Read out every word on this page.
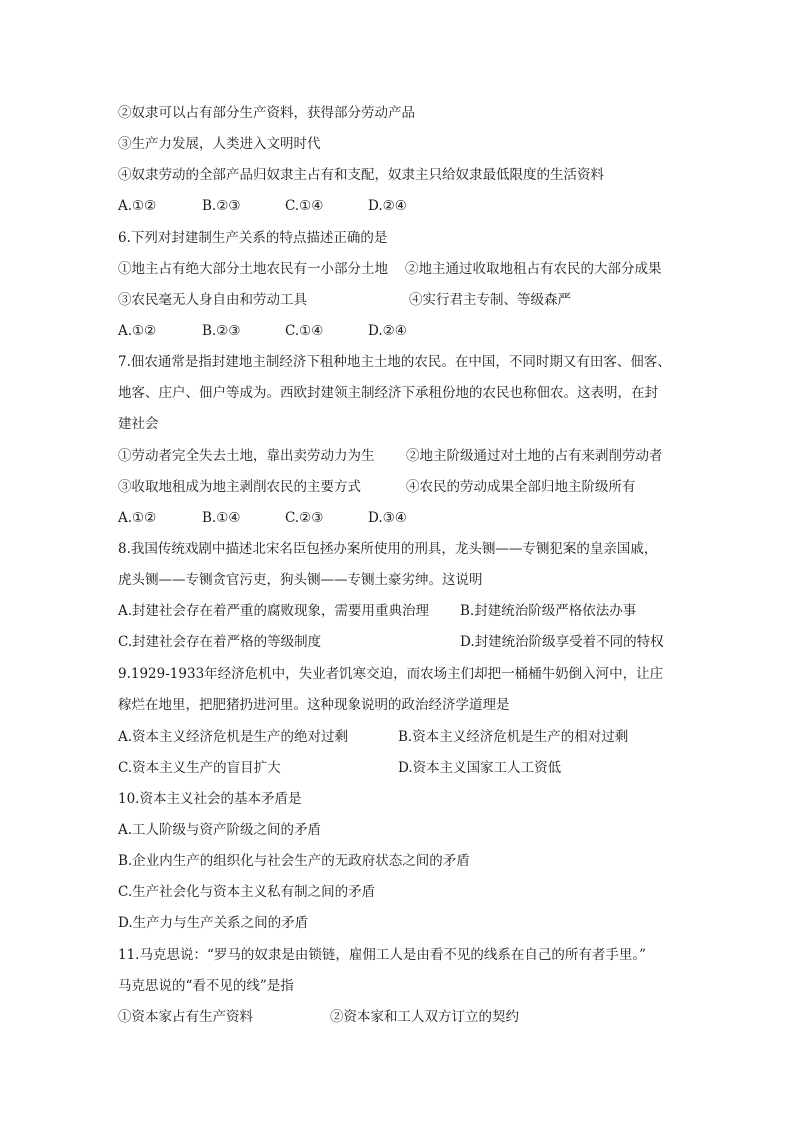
②奴隶可以占有部分生产资料，获得部分劳动产品
③生产力发展，人类进入文明时代
④奴隶劳动的全部产品归奴隶主占有和支配，奴隶主只给奴隶最低限度的生活资料
A.①②	B.②③	C.①④	D.②④
6.下列对封建制生产关系的特点描述正确的是
①地主占有绝大部分土地农民有一小部分土地 ②地主通过收取地租占有农民的大部分成果
③农民毫无人身自由和劳动工具	④实行君主专制、等级森严
A.①②	B.②③	C.①④	D.②④
7.佃农通常是指封建地主制经济下租种地主土地的农民。在中国，不同时期又有田客、佃客、
地客、庄户、佃户等成为。西欧封建领主制经济下承租份地的农民也称佃农。这表明，在封
建社会
①劳动者完全失去土地，靠出卖劳动力为生 ②地主阶级通过对土地的占有来剥削劳动者
③收取地租成为地主剥削农民的主要方式	④农民的劳动成果全部归地主阶级所有
A.①②	B.①④	C.②③	D.③④
8.我国传统戏剧中描述北宋名臣包拯办案所使用的刑具，龙头铡——专铡犯案的皇亲国戚，
虎头铡——专铡贪官污吏，狗头铡——专铡土豪劣绅。这说明
A.封建社会存在着严重的腐败现象，需要用重典治理 B.封建统治阶级严格依法办事
C.封建社会存在着严格的等级制度	D.封建统治阶级享受着不同的特权
9.1929-1933年经济危机中，失业者饥寒交迫，而农场主们却把一桶桶牛奶倒入河中，让庄
稼烂在地里，把肥猪扔进河里。这种现象说明的政治经济学道理是
A.资本主义经济危机是生产的绝对过剩	B.资本主义经济危机是生产的相对过剩
C.资本主义生产的盲目扩大	D.资本主义国家工人工资低
10.资本主义社会的基本矛盾是
A.工人阶级与资产阶级之间的矛盾
B.企业内生产的组织化与社会生产的无政府状态之间的矛盾
C.生产社会化与资本主义私有制之间的矛盾
D.生产力与生产关系之间的矛盾
11.马克思说：“罗马的奴隶是由锁链，雇佣工人是由看不见的线系在自己的所有者手里。”
马克思说的“看不见的线”是指
①资本家占有生产资料	②资本家和工人双方订立的契约
